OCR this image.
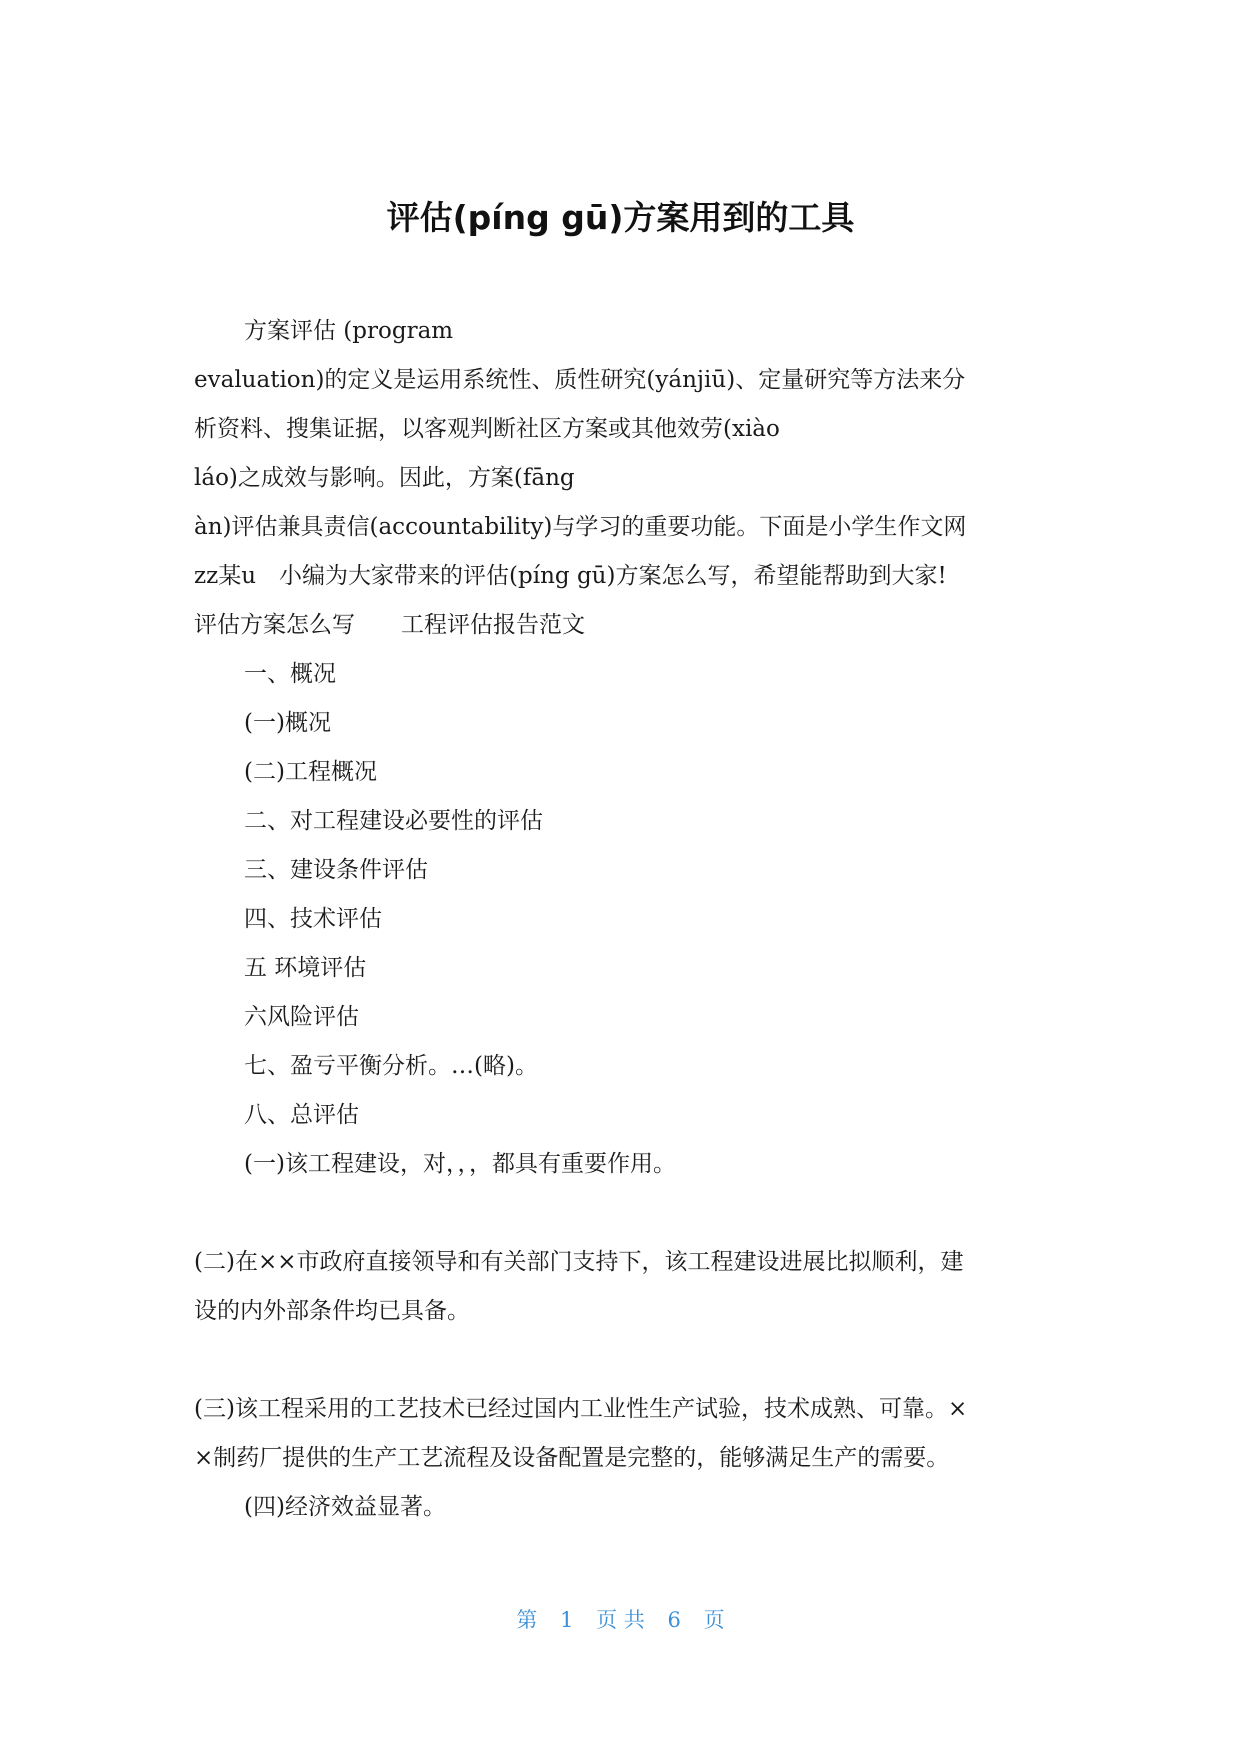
评估(píng gū)方案用到的工具
方案评估 (program
evaluation)的定义是运用系统性、质性研究(yánjiū)、定量研究等方法来分
析资料、搜集证据，以客观判断社区方案或其他效劳(xiào
láo)之成效与影响。因此，方案(fāng
àn)评估兼具责信(accountability)与学习的重要功能。下面是小学生作文网
zz某u　小编为大家带来的评估(píng gū)方案怎么写，希望能帮助到大家!
评估方案怎么写　　工程评估报告范文
一、概况
(一)概况
(二)工程概况
二、对工程建设必要性的评估
三、建设条件评估
四、技术评估
五 环境评估
六风险评估
七、盈亏平衡分析。…(略)。
八、总评估
(一)该工程建设，对，，，都具有重要作用。
(二)在××市政府直接领导和有关部门支持下，该工程建设进展比拟顺利，建
设的内外部条件均已具备。
(三)该工程采用的工艺技术已经过国内工业性生产试验，技术成熟、可靠。×
×制药厂提供的生产工艺流程及设备配置是完整的，能够满足生产的需要。
(四)经济效益显著。
第 1 页 共 6 页
